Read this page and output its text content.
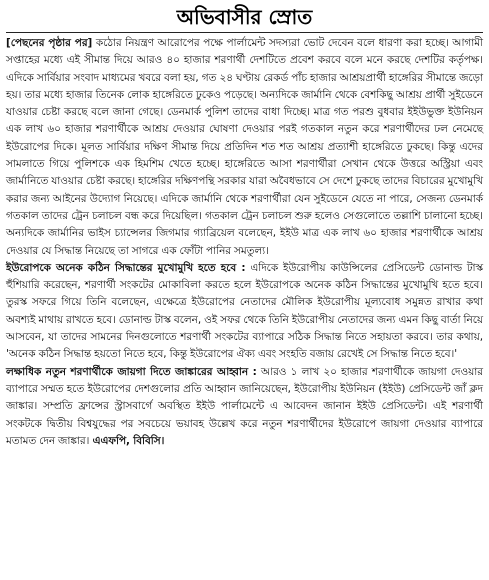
অভিবাসীর স্রোত

[পেছনের পৃষ্ঠার পর] কঠোর নিয়ন্ত্রণ আরোপের পক্ষে পার্লামেন্ট সদস্যরা ভোট দেবেন বলে ধারণা করা হচ্ছে। আগামী সপ্তাহের মধ্যে এই সীমান্ত দিয়ে আরও ৪০ হাজার শরণার্থী দেশটিতে প্রবেশ করবে বলে মনে করছে দেশটির কর্তৃপক্ষ। এদিকে সার্বিয়ার সংবাদ মাধ্যমের খবরে বলা হয়, গত ২৪ ঘণ্টায় রেকর্ড পাঁচ হাজার আশ্রয়প্রার্থী হাঙ্গেরির সীমান্তে জড়ো হয়। তার মধ্যে হাজার তিনেক লোক হাঙ্গেরিতে ঢুকেও পড়েছে। অন্যদিকে জার্মানি থেকে বেশকিছু আশ্রয় প্রার্থী সুইডেনে যাওয়ার চেষ্টা করছে বলে জানা গেছে। ডেনমার্ক পুলিশ তাদের বাধা দিচ্ছে। মাত্র গত পরশু বুধবার ইইউভুক্ত ইউনিয়ন এক লাখ ৬০ হাজার শরণার্থীকে আশ্রয় দেওয়ার ঘোষণা দেওয়ার পরই গতকাল নতুন করে শরণার্থীদের ঢল নেমেছে ইউরোপের দিকে। মূলত সার্বিয়ার দক্ষিণ সীমান্ত দিয়ে প্রতিদিন শত শত আশ্রয় প্রত্যাশী হাঙ্গেরিতে ঢুকছে। কিন্তু এদের সামলাতে গিয়ে পুলিশকে এক হিমশিম খেতে হচ্ছে। হাঙ্গেরিতে আসা শরণার্থীরা সেখান থেকে উত্তরে অস্ট্রিয়া এবং জার্মানিতে যাওয়ার চেষ্টা করছে। হাঙ্গেরির দক্ষিণপন্থি সরকার যারা অবৈধভাবে সে দেশে ঢুকছে তাদের বিচারের মুখোমুখি করার জন্য আইনের উদ্যোগ নিয়েছে। এদিকে জার্মানি থেকে শরণার্থীরা যেন সুইডেনে যেতে না পারে, সেজন্য ডেনমার্ক গতকাল তাদের ট্রেন চলাচল বন্ধ করে দিয়েছিল। গতকাল ট্রেন চলাচল শুরু হলেও সেগুলোতে তল্লাশি চালানো হচ্ছে। অন্যদিকে জার্মানির ভাইস চ্যান্সেলর জিগমার গ্যাব্রিয়েল বলেছেন, ইইউ মাত্র এক লাখ ৬০ হাজার শরণার্থীকে আশ্রয় দেওয়ার যে সিদ্ধান্ত নিয়েছে তা সাগরে এক ফোঁটা পানির সমতুল্য।

ইউরোপকে অনেক কঠিন সিদ্ধান্তের মুখোমুখি হতে হবে : এদিকে ইউরোপীয় কাউন্সিলের প্রেসিডেন্ট ডোনাল্ড টাস্ক হুঁশিয়ারি করেছেন, শরণার্থী সংকটের মোকাবিলা করতে হলে ইউরোপকে অনেক কঠিন সিদ্ধান্তের মুখোমুখি হতে হবে। তুরস্ক সফরে গিয়ে তিনি বলেছেন, এক্ষেত্রে ইউরোপের নেতাদের মৌলিক ইউরোপীয় মূল্যবোধ সমুন্নত রাখার কথা অবশ্যই মাথায় রাখতে হবে। ডোনাল্ড টাস্ক বলেন, ওই সফর থেকে তিনি ইউরোপীয় নেতাদের জন্য এমন কিছু বার্তা নিয়ে আসবেন, যা তাদের সামনের দিনগুলোতে শরণার্থী সংকটের ব্যাপারে সঠিক সিদ্ধান্ত নিতে সহায়তা করবে। তার কথায়, 'অনেক কঠিন সিদ্ধান্ত হয়তো নিতে হবে, কিন্তু ইউরোপের ঐক্য এবং সংহতি বজায় রেখেই সে সিদ্ধান্ত নিতে হবে।'

লক্ষাধিক নতুন শরণার্থীকে জায়গা দিতে জাঙ্কারের আহ্বান : আরও ১ লাখ ২০ হাজার শরণার্থীকে জায়গা দেওয়ার ব্যাপারে সম্মত হতে ইউরোপের দেশগুলোর প্রতি আহ্বান জানিয়েছেন, ইউরোপীয় ইউনিয়ন (ইইউ) প্রেসিডেন্ট জাঁ ক্লদ জাঙ্কার। সম্প্রতি ফ্রান্সের স্ট্রাসবার্গে অবস্থিত ইইউ পার্লামেন্টে এ আবেদন জানান ইইউ প্রেসিডেন্ট। এই শরণার্থী সংকটকে দ্বিতীয় বিশ্বযুদ্ধের পর সবচেয়ে ভয়াবহ উল্লেখ করে নতুন শরণার্থীদের ইউরোপে জায়গা দেওয়ার ব্যাপারে মতামত দেন জাঙ্কার। এএফপি, বিবিসি।
